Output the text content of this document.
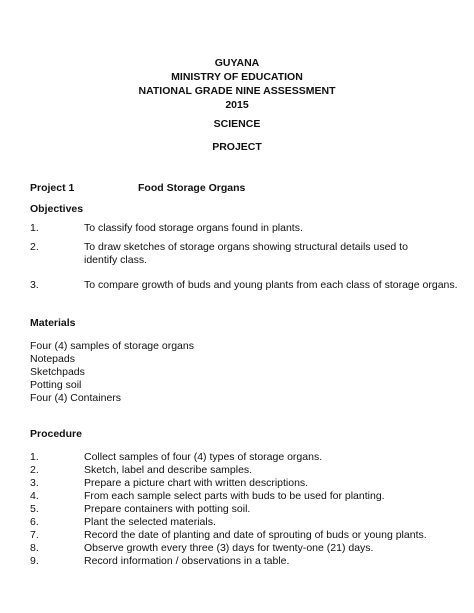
GUYANA
MINISTRY OF EDUCATION
NATIONAL GRADE NINE ASSESSMENT
2015
SCIENCE
PROJECT
Project 1	Food Storage Organs
Objectives
1.	To classify food storage organs found in plants.
2.	To draw sketches of storage organs showing structural details used to
identify class.
3.	To compare growth of buds and young plants from each class of storage organs.
Materials
Four (4) samples of storage organs
Notepads
Sketchpads
Potting soil
Four (4) Containers
Procedure
1.	Collect samples of four (4) types of storage organs.
2.	Sketch, label and describe samples.
3.	Prepare a picture chart with written descriptions.
4.	From each sample select parts with buds to be used for planting.
5.	Prepare containers with potting soil.
6.	Plant the selected materials.
7.	Record the date of planting and date of sprouting of buds or young plants.
8.	Observe growth every three (3) days for twenty-one (21) days.
9.	Record information / observations in a table.
